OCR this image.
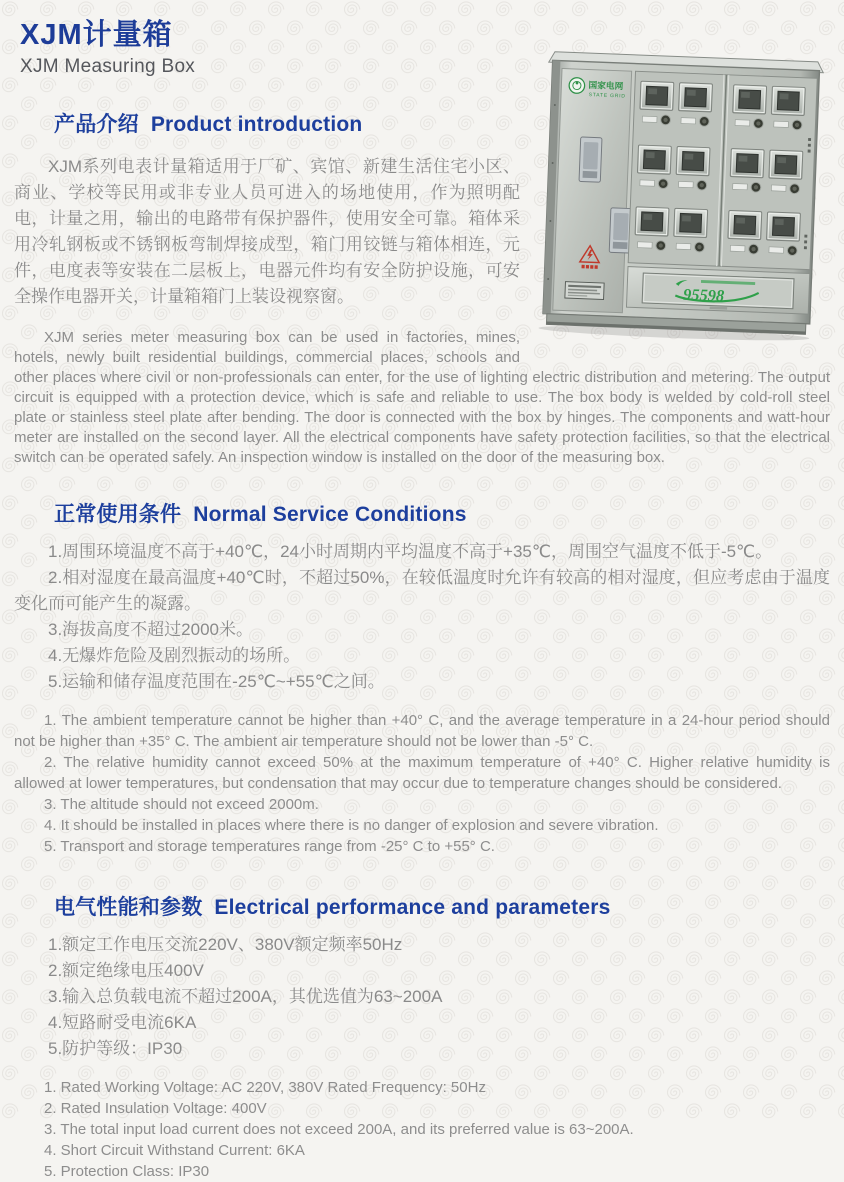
XJM计量箱
XJM Measuring Box
国家电网
STATE GRID
95598
产品介绍 Product introduction

XJM系列电表计量箱适用于厂矿、宾馆、新建生活住宅小区、商业、学校等民用或非专业人员可进入的场地使用，作为照明配电，计量之用，输出的电路带有保护器件，使用安全可靠。箱体采用冷轧钢板或不锈钢板弯制焊接成型，箱门用铰链与箱体相连，元件，电度表等安装在二层板上，电器元件均有安全防护设施，可安全操作电器开关，计量箱箱门上装设视察窗。

XJM series meter measuring box can be used in factories, mines, hotels, newly built residential buildings, commercial places, schools and other places where civil or non-professionals can enter, for the use of lighting electric distribution and metering. The output circuit is equipped with a protection device, which is safe and reliable to use. The box body is welded by cold-roll steel plate or stainless steel plate after bending. The door is connected with the box by hinges. The components and watt-hour meter are installed on the second layer. All the electrical components have safety protection facilities, so that the electrical switch can be operated safely. An inspection window is installed on the door of the measuring box.

正常使用条件 Normal Service Conditions

1.周围环境温度不高于+40℃，24小时周期内平均温度不高于+35℃，周围空气温度不低于-5℃。

2.相对湿度在最高温度+40℃时，不超过50%，在较低温度时允许有较高的相对湿度，但应考虑由于温度变化而可能产生的凝露。

3.海拔高度不超过2000米。

4.无爆炸危险及剧烈振动的场所。

5.运输和储存温度范围在-25℃~+55℃之间。

1. The ambient temperature cannot be higher than +40° C, and the average temperature in a 24-hour period should not be higher than +35° C. The ambient air temperature should not be lower than -5° C.

2. The relative humidity cannot exceed 50% at the maximum temperature of +40° C. Higher relative humidity is allowed at lower temperatures, but condensation that may occur due to temperature changes should be considered.

3. The altitude should not exceed 2000m.

4. It should be installed in places where there is no danger of explosion and severe vibration.

5. Transport and storage temperatures range from -25° C to +55° C.

电气性能和参数 Electrical performance and parameters

1.额定工作电压交流220V、380V额定频率50Hz

2.额定绝缘电压400V

3.输入总负载电流不超过200A，其优选值为63~200A

4.短路耐受电流6KA

5.防护等级：IP30

1. Rated Working Voltage: AC 220V, 380V Rated Frequency: 50Hz

2. Rated Insulation Voltage: 400V

3. The total input load current does not exceed 200A, and its preferred value is 63~200A.

4. Short Circuit Withstand Current: 6KA

5. Protection Class: IP30
